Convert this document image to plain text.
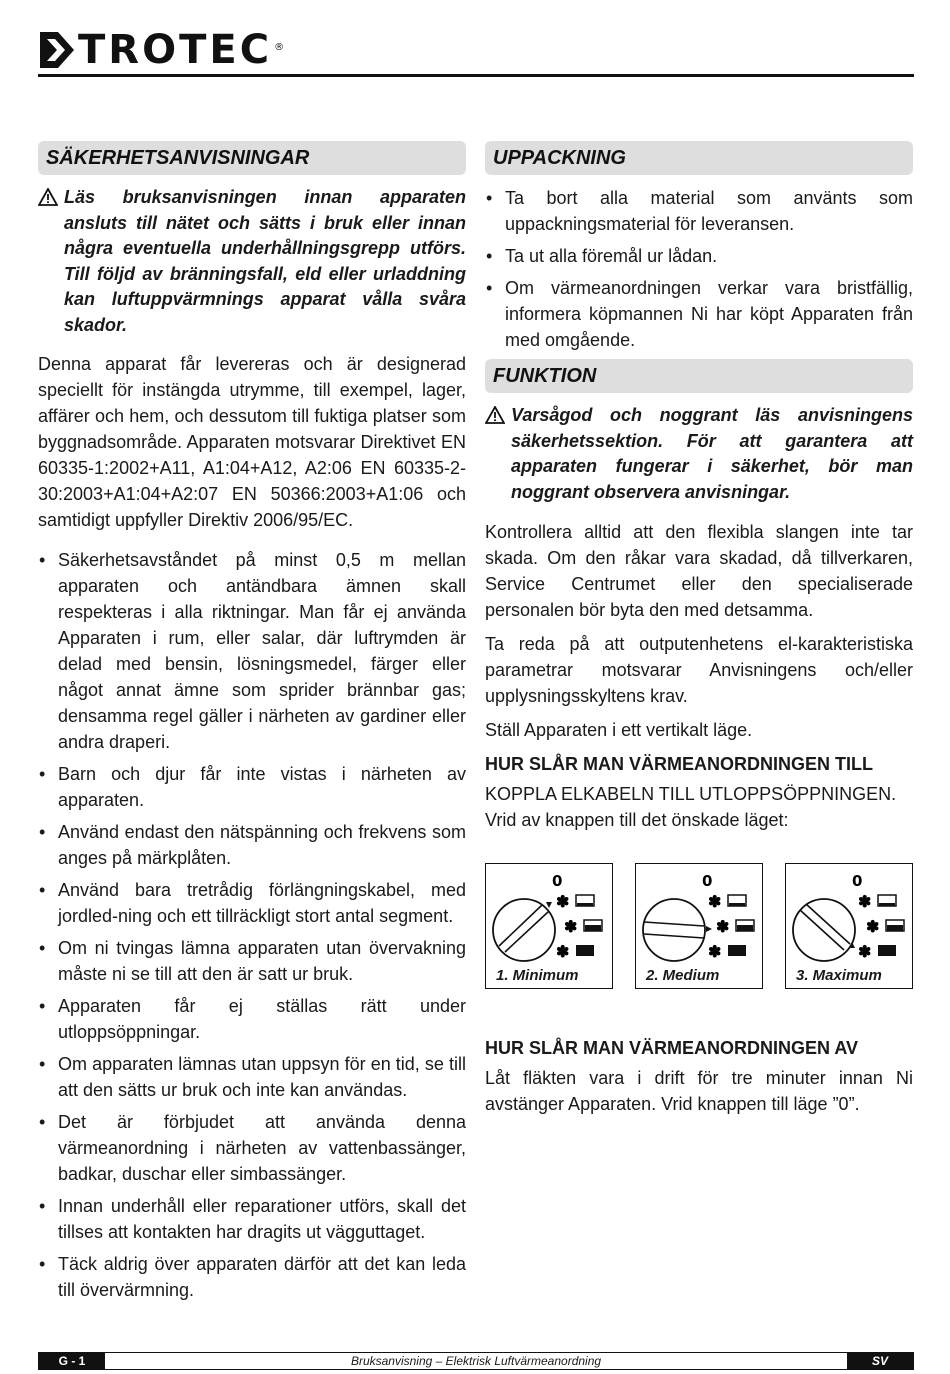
TROTEC ®
SÄKERHETSANVISNINGAR
Läs bruksanvisningen innan apparaten ansluts till nätet och sätts i bruk eller innan några eventuella underhållningsgrepp utförs. Till följd av bränningsfall, eld eller urladdning kan luftuppvärmnings apparat vålla svåra skador.

Denna apparat får levereras och är designerad speciellt för instängda utrymme, till exempel, lager, affärer och hem, och dessutom till fuktiga platser som byggnadsområde. Apparaten motsvarar Direktivet EN 60335-1:2002+A11, A1:04+A12, A2:06 EN 60335-2-30:2003+A1:04+A2:07 EN 50366:2003+A1:06 och samtidigt uppfyller Direktiv 2006/95/EC.

• Säkerhetsavståndet på minst 0,5 m mellan apparaten och antändbara ämnen skall respekteras i alla riktningar. Man får ej använda Apparaten i rum, eller salar, där luftrymden är delad med bensin, lösningsmedel, färger eller något annat ämne som sprider brännbar gas; densamma regel gäller i närheten av gardiner eller andra draperi.
• Barn och djur får inte vistas i närheten av apparaten.
• Använd endast den nätspänning och frekvens som anges på märkplåten.
• Använd bara tretrådig förlängningskabel, med jordled-ning och ett tillräckligt stort antal segment.
• Om ni tvingas lämna apparaten utan övervakning måste ni se till att den är satt ur bruk.
• Apparaten får ej ställas rätt under utloppsöppningar.
• Om apparaten lämnas utan uppsyn för en tid, se till att den sätts ur bruk och inte kan användas.
• Det är förbjudet att använda denna värmeanordning i närheten av vattenbassänger, badkar, duschar eller simbassänger.
• Innan underhåll eller reparationer utförs, skall det tillses att kontakten har dragits ut vägguttaget.
• Täck aldrig över apparaten därför att det kan leda till övervärmning.
UPPACKNING
• Ta bort alla material som använts som uppackningsmaterial för leveransen.
• Ta ut alla föremål ur lådan.
• Om värmeanordningen verkar vara bristfällig, informera köpmannen Ni har köpt Apparaten från med omgående.
FUNKTION
Varsågod och noggrant läs anvisningens säkerhetssektion. För att garantera att apparaten fungerar i säkerhet, bör man noggrant observera anvisningar.

Kontrollera alltid att den flexibla slangen inte tar skada. Om den råkar vara skadad, då tillverkaren, Service Centrumet eller den specialiserade personalen bör byta den med detsamma.

Ta reda på att outputenhetens el-karakteristiska parametrar motsvarar Anvisningens och/eller upplysningsskyltens krav.

Ställ Apparaten i ett vertikalt läge.

HUR SLÅR MAN VÄRMEANORDNINGEN TILL

KOPPLA ELKABELN TILL UTLOPPSÖPPNINGEN. Vrid av knappen till det önskade läget:

0
✽
✽
✽
1. Minimum
0
✽
✽
✽
2. Medium
0
✽
✽
✽
3. Maximum
HUR SLÅR MAN VÄRMEANORDNINGEN AV

Låt fläkten vara i drift för tre minuter innan Ni avstänger Apparaten. Vrid knappen till läge ”0”.

G - 1	Bruksanvisning – Elektrisk Luftvärmeanordning	SV
